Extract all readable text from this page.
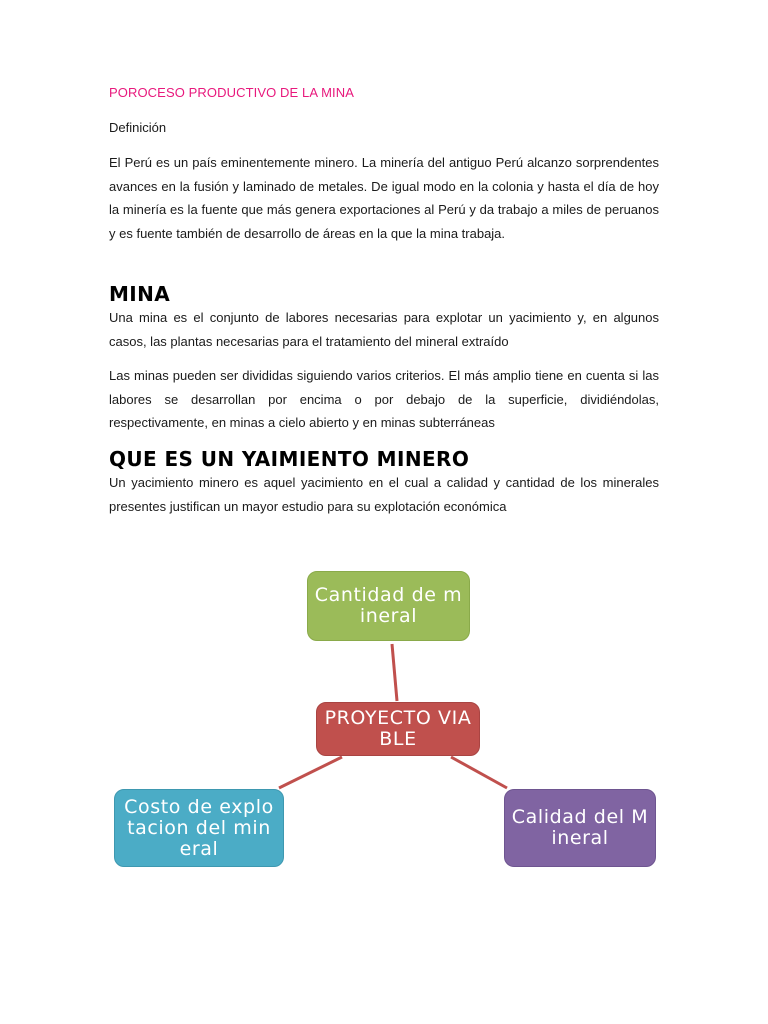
POROCESO PRODUCTIVO DE LA MINA
Definición
El Perú es un país eminentemente minero. La minería del antiguo Perú alcanzo sorprendentes avances en la fusión y laminado de metales. De igual modo en la colonia y hasta el día de hoy la minería es la fuente que más genera exportaciones al Perú y da trabajo a miles de peruanos y es fuente también de desarrollo de áreas en la que la mina trabaja.
MINA
Una mina es el conjunto de labores necesarias para explotar un yacimiento y, en algunos casos, las plantas necesarias para el tratamiento del mineral extraído
Las minas pueden ser divididas siguiendo varios criterios. El más amplio tiene en cuenta si las labores se desarrollan por encima o por debajo de la superficie, dividiéndolas, respectivamente, en minas a cielo abierto y en minas subterráneas
QUE ES UN YAIMIENTO MINERO
Un yacimiento minero es aquel yacimiento en el cual a calidad y cantidad de los minerales presentes justifican un mayor estudio para su explotación económica
Cantidad de mineral
PROYECTO VIABLE
Costo de explotacion del mineral
Calidad del Mineral
